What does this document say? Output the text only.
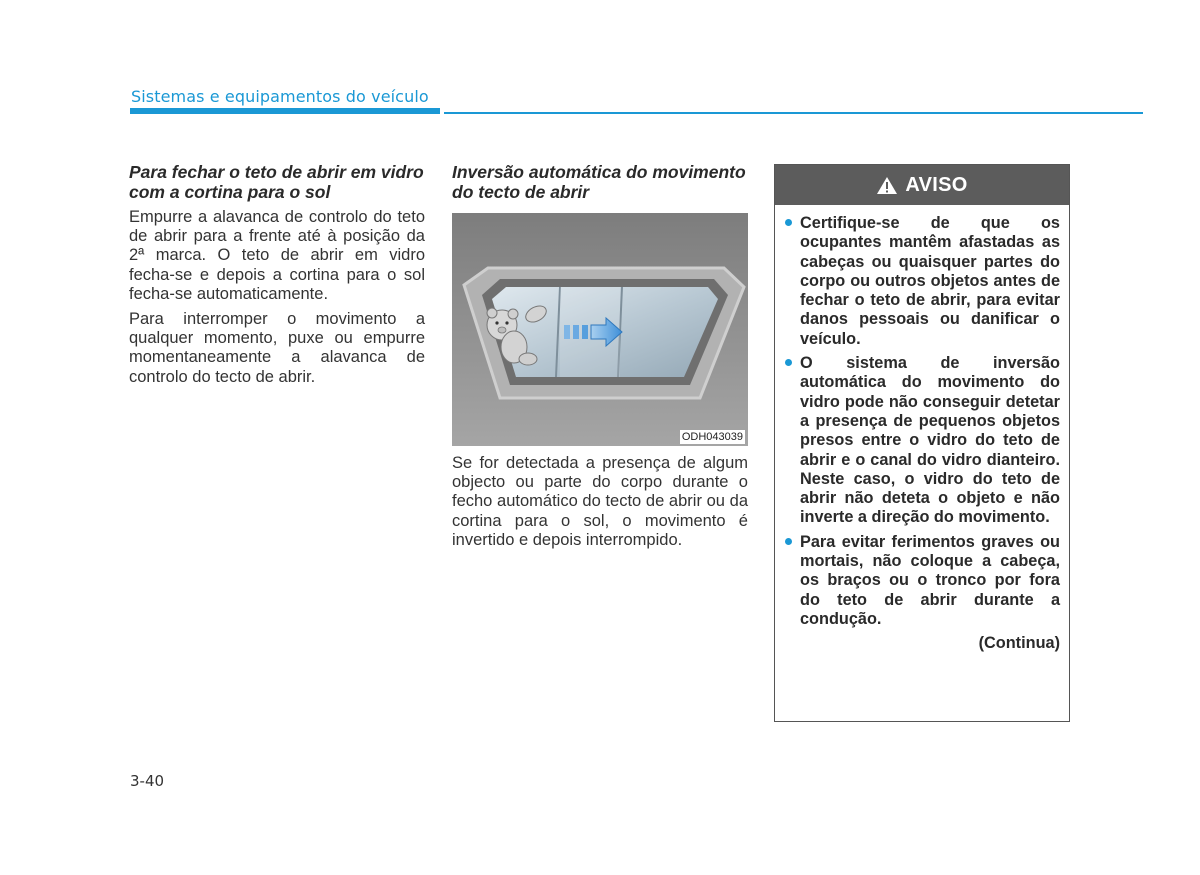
Sistemas e equipamentos do veículo
Para fechar o teto de abrir em vidro com a cortina para o sol

Empurre a alavanca de controlo do teto de abrir para a frente até à posição da 2ª marca. O teto de abrir em vidro fecha-se e depois a cortina para o sol fecha-se automaticamente.

Para interromper o movimento a qualquer momento, puxe ou empurre momentaneamente a alavanca de controlo do tecto de abrir.

Inversão automática do movimento do tecto de abrir
ODH043039

Se for detectada a presença de algum objecto ou parte do corpo durante o fecho automático do tecto de abrir ou da cortina para o sol, o movimento é invertido e depois interrompido.

AVISO
Certifique-se de que os ocupantes mantêm afastadas as cabeças ou quaisquer partes do corpo ou outros objetos antes de fechar o teto de abrir, para evitar danos pessoais ou danificar o veículo.
O sistema de inversão automática do movimento do vidro pode não conseguir detetar a presença de pequenos objetos presos entre o vidro do teto de abrir e o canal do vidro dianteiro. Neste caso, o vidro do teto de abrir não deteta o objeto e não inverte a direção do movimento.
Para evitar ferimentos graves ou mortais, não coloque a cabeça, os braços ou o tronco por fora do teto de abrir durante a condução.
(Continua)
3-40
